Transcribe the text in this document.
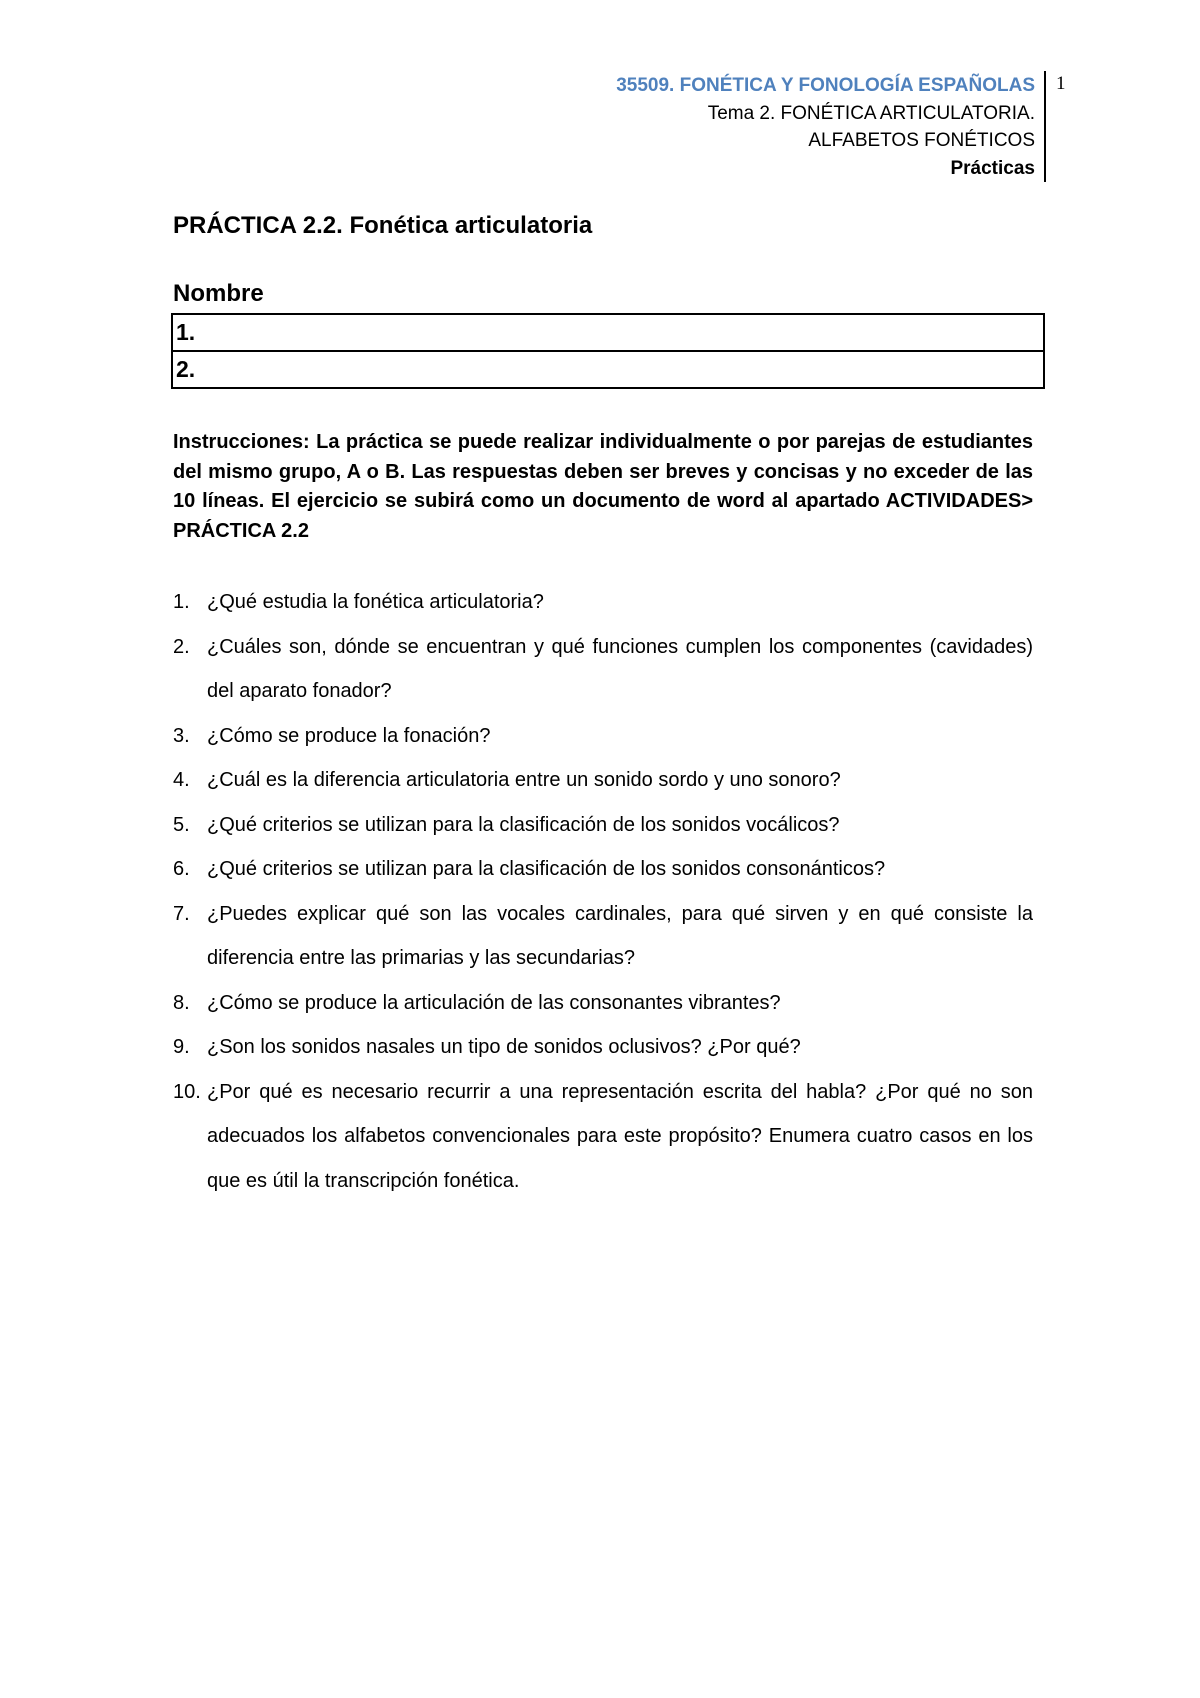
35509. FONÉTICA Y FONOLOGÍA ESPAÑOLAS
Tema 2. FONÉTICA ARTICULATORIA.
ALFABETOS FONÉTICOS
Prácticas
1
PRÁCTICA 2.2. Fonética articulatoria
Nombre
1.
2.
Instrucciones: La práctica se puede realizar individualmente o por parejas de estudiantes del mismo grupo, A o B. Las respuestas deben ser breves y concisas y no exceder de las 10 líneas. El ejercicio se subirá como un documento de word al apartado ACTIVIDADES> PRÁCTICA 2.2
1. ¿Qué estudia la fonética articulatoria?
2. ¿Cuáles son, dónde se encuentran y qué funciones cumplen los componentes (cavidades) del aparato fonador?
3. ¿Cómo se produce la fonación?
4. ¿Cuál es la diferencia articulatoria entre un sonido sordo y uno sonoro?
5. ¿Qué criterios se utilizan para la clasificación de los sonidos vocálicos?
6. ¿Qué criterios se utilizan para la clasificación de los sonidos consonánticos?
7. ¿Puedes explicar qué son las vocales cardinales, para qué sirven y en qué consiste la diferencia entre las primarias y las secundarias?
8. ¿Cómo se produce la articulación de las consonantes vibrantes?
9. ¿Son los sonidos nasales un tipo de sonidos oclusivos? ¿Por qué?
10. ¿Por qué es necesario recurrir a una representación escrita del habla? ¿Por qué no son adecuados los alfabetos convencionales para este propósito? Enumera cuatro casos en los que es útil la transcripción fonética.
